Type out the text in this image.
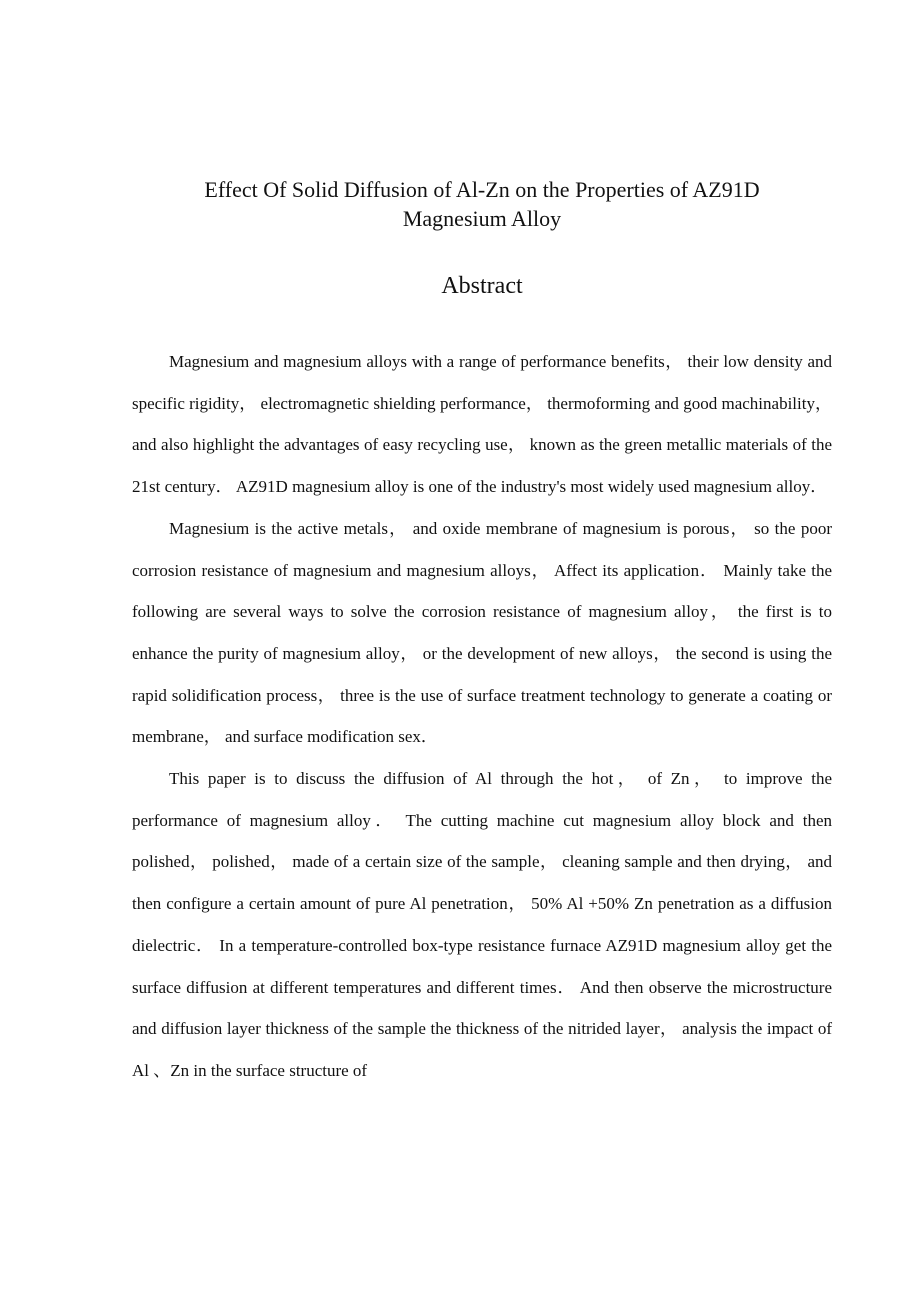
Effect Of Solid Diffusion of Al-Zn on the Properties of AZ91D
Magnesium Alloy
Abstract

Magnesium and magnesium alloys with a range of performance benefits， their low density and specific rigidity， electromagnetic shielding performance， thermoforming and good machinability， and also highlight the advantages of easy recycling use， known as the green metallic materials of the 21st century． AZ91D magnesium alloy is one of the industry's most widely used magnesium alloy．

Magnesium is the active metals， and oxide membrane of magnesium is porous， so the poor corrosion resistance of magnesium and magnesium alloys， Affect its application． Mainly take the following are several ways to solve the corrosion resistance of magnesium alloy， the first is to enhance the purity of magnesium alloy， or the development of new alloys， the second is using the rapid solidification process， three is the use of surface treatment technology to generate a coating or membrane， and surface modification sex．

This paper is to discuss the diffusion of Al through the hot， of Zn， to improve the performance of magnesium alloy． The cutting machine cut magnesium alloy block and then polished， polished， made of a certain size of the sample， cleaning sample and then drying， and then configure a certain amount of pure Al penetration， 50% Al +50% Zn penetration as a diffusion dielectric． In a temperature-controlled box-type resistance furnace AZ91D magnesium alloy get the surface diffusion at different temperatures and different times． And then observe the microstructure and diffusion layer thickness of the sample the thickness of the nitrided layer， analysis the impact of Al 、Zn in the surface structure of
